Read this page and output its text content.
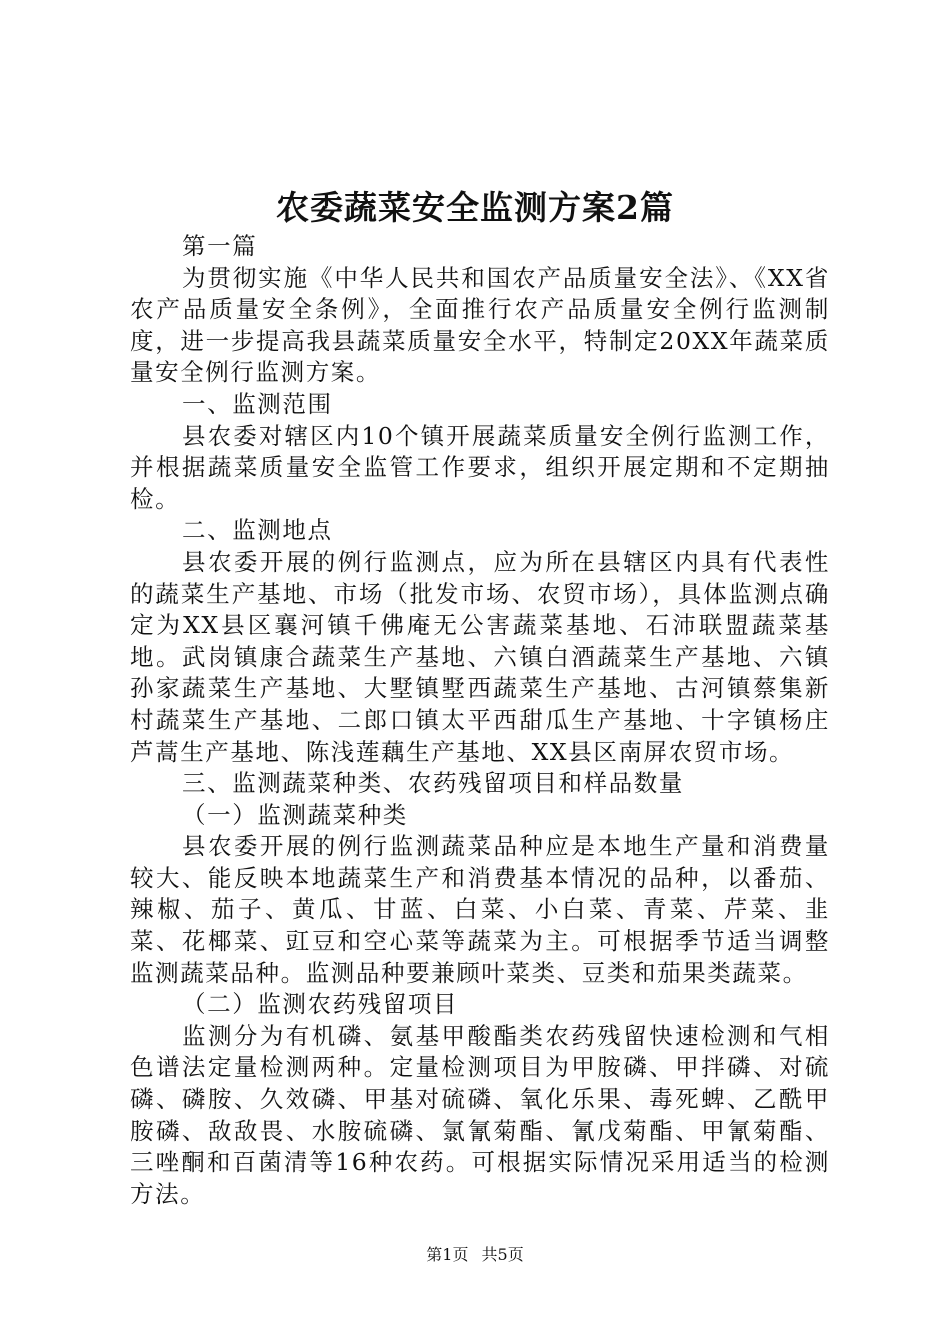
农委蔬菜安全监测方案2篇

第一篇

为贯彻实施《中华人民共和国农产品质量安全法》、《XX省农产品质量安全条例》，全面推行农产品质量安全例行监测制度，进一步提高我县蔬菜质量安全水平，特制定20XX年蔬菜质量安全例行监测方案。

一、监测范围

县农委对辖区内10个镇开展蔬菜质量安全例行监测工作，并根据蔬菜质量安全监管工作要求，组织开展定期和不定期抽检。

二、监测地点

县农委开展的例行监测点，应为所在县辖区内具有代表性的蔬菜生产基地、市场（批发市场、农贸市场），具体监测点确定为XX县区襄河镇千佛庵无公害蔬菜基地、石沛联盟蔬菜基地。武岗镇康合蔬菜生产基地、六镇白酒蔬菜生产基地、六镇孙家蔬菜生产基地、大墅镇墅西蔬菜生产基地、古河镇蔡集新村蔬菜生产基地、二郎口镇太平西甜瓜生产基地、十字镇杨庄芦蒿生产基地、陈浅莲藕生产基地、XX县区南屏农贸市场。

三、监测蔬菜种类、农药残留项目和样品数量

（一）监测蔬菜种类

县农委开展的例行监测蔬菜品种应是本地生产量和消费量较大、能反映本地蔬菜生产和消费基本情况的品种，以番茄、辣椒、茄子、黄瓜、甘蓝、白菜、小白菜、青菜、芹菜、韭菜、花椰菜、豇豆和空心菜等蔬菜为主。可根据季节适当调整监测蔬菜品种。监测品种要兼顾叶菜类、豆类和茄果类蔬菜。

（二）监测农药残留项目

监测分为有机磷、氨基甲酸酯类农药残留快速检测和气相色谱法定量检测两种。定量检测项目为甲胺磷、甲拌磷、对硫磷、磷胺、久效磷、甲基对硫磷、氧化乐果、毒死蜱、乙酰甲胺磷、敌敌畏、水胺硫磷、氯氰菊酯、氰戊菊酯、甲氰菊酯、三唑酮和百菌清等16种农药。可根据实际情况采用适当的检测方法。

第1页 共5页
